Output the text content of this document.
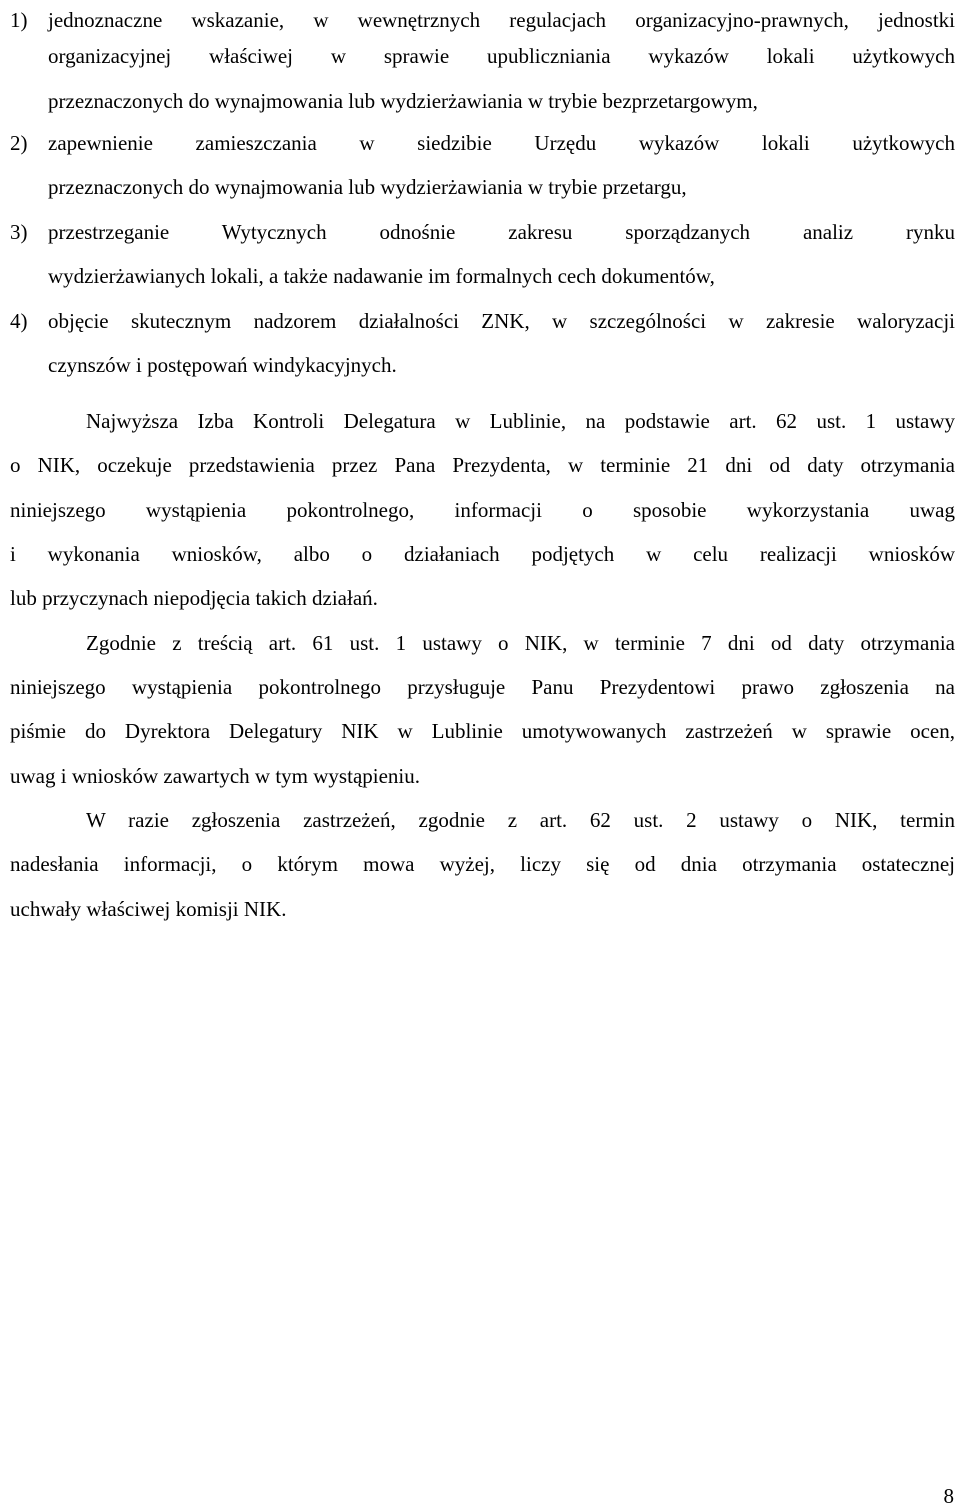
1) jednoznaczne wskazanie, w wewnętrznych regulacjach organizacyjno-prawnych, jednostki
organizacyjnej właściwej w sprawie upubliczniania wykazów lokali użytkowych
przeznaczonych do wynajmowania lub wydzierżawiania w trybie bezprzetargowym,
2) zapewnienie zamieszczania w siedzibie Urzędu wykazów lokali użytkowych
przeznaczonych do wynajmowania lub wydzierżawiania w trybie przetargu,
3) przestrzeganie Wytycznych odnośnie zakresu sporządzanych analiz rynku
wydzierżawianych lokali, a także nadawanie im formalnych cech dokumentów,
4) objęcie skutecznym nadzorem działalności ZNK, w szczególności w zakresie waloryzacji
czynszów i postępowań windykacyjnych.
Najwyższa Izba Kontroli Delegatura w Lublinie, na podstawie art. 62 ust. 1 ustawy
o NIK, oczekuje przedstawienia przez Pana Prezydenta, w terminie 21 dni od daty otrzymania
niniejszego wystąpienia pokontrolnego, informacji o sposobie wykorzystania uwag
i wykonania wniosków, albo o działaniach podjętych w celu realizacji wniosków
lub przyczynach niepodjęcia takich działań.
Zgodnie z treścią art. 61 ust. 1 ustawy o NIK, w terminie 7 dni od daty otrzymania
niniejszego wystąpienia pokontrolnego przysługuje Panu Prezydentowi prawo zgłoszenia na
piśmie do Dyrektora Delegatury NIK w Lublinie umotywowanych zastrzeżeń w sprawie ocen,
uwag i wniosków zawartych w tym wystąpieniu.
W razie zgłoszenia zastrzeżeń, zgodnie z art. 62 ust. 2 ustawy o NIK, termin
nadesłania informacji, o którym mowa wyżej, liczy się od dnia otrzymania ostatecznej
uchwały właściwej komisji NIK.
8
